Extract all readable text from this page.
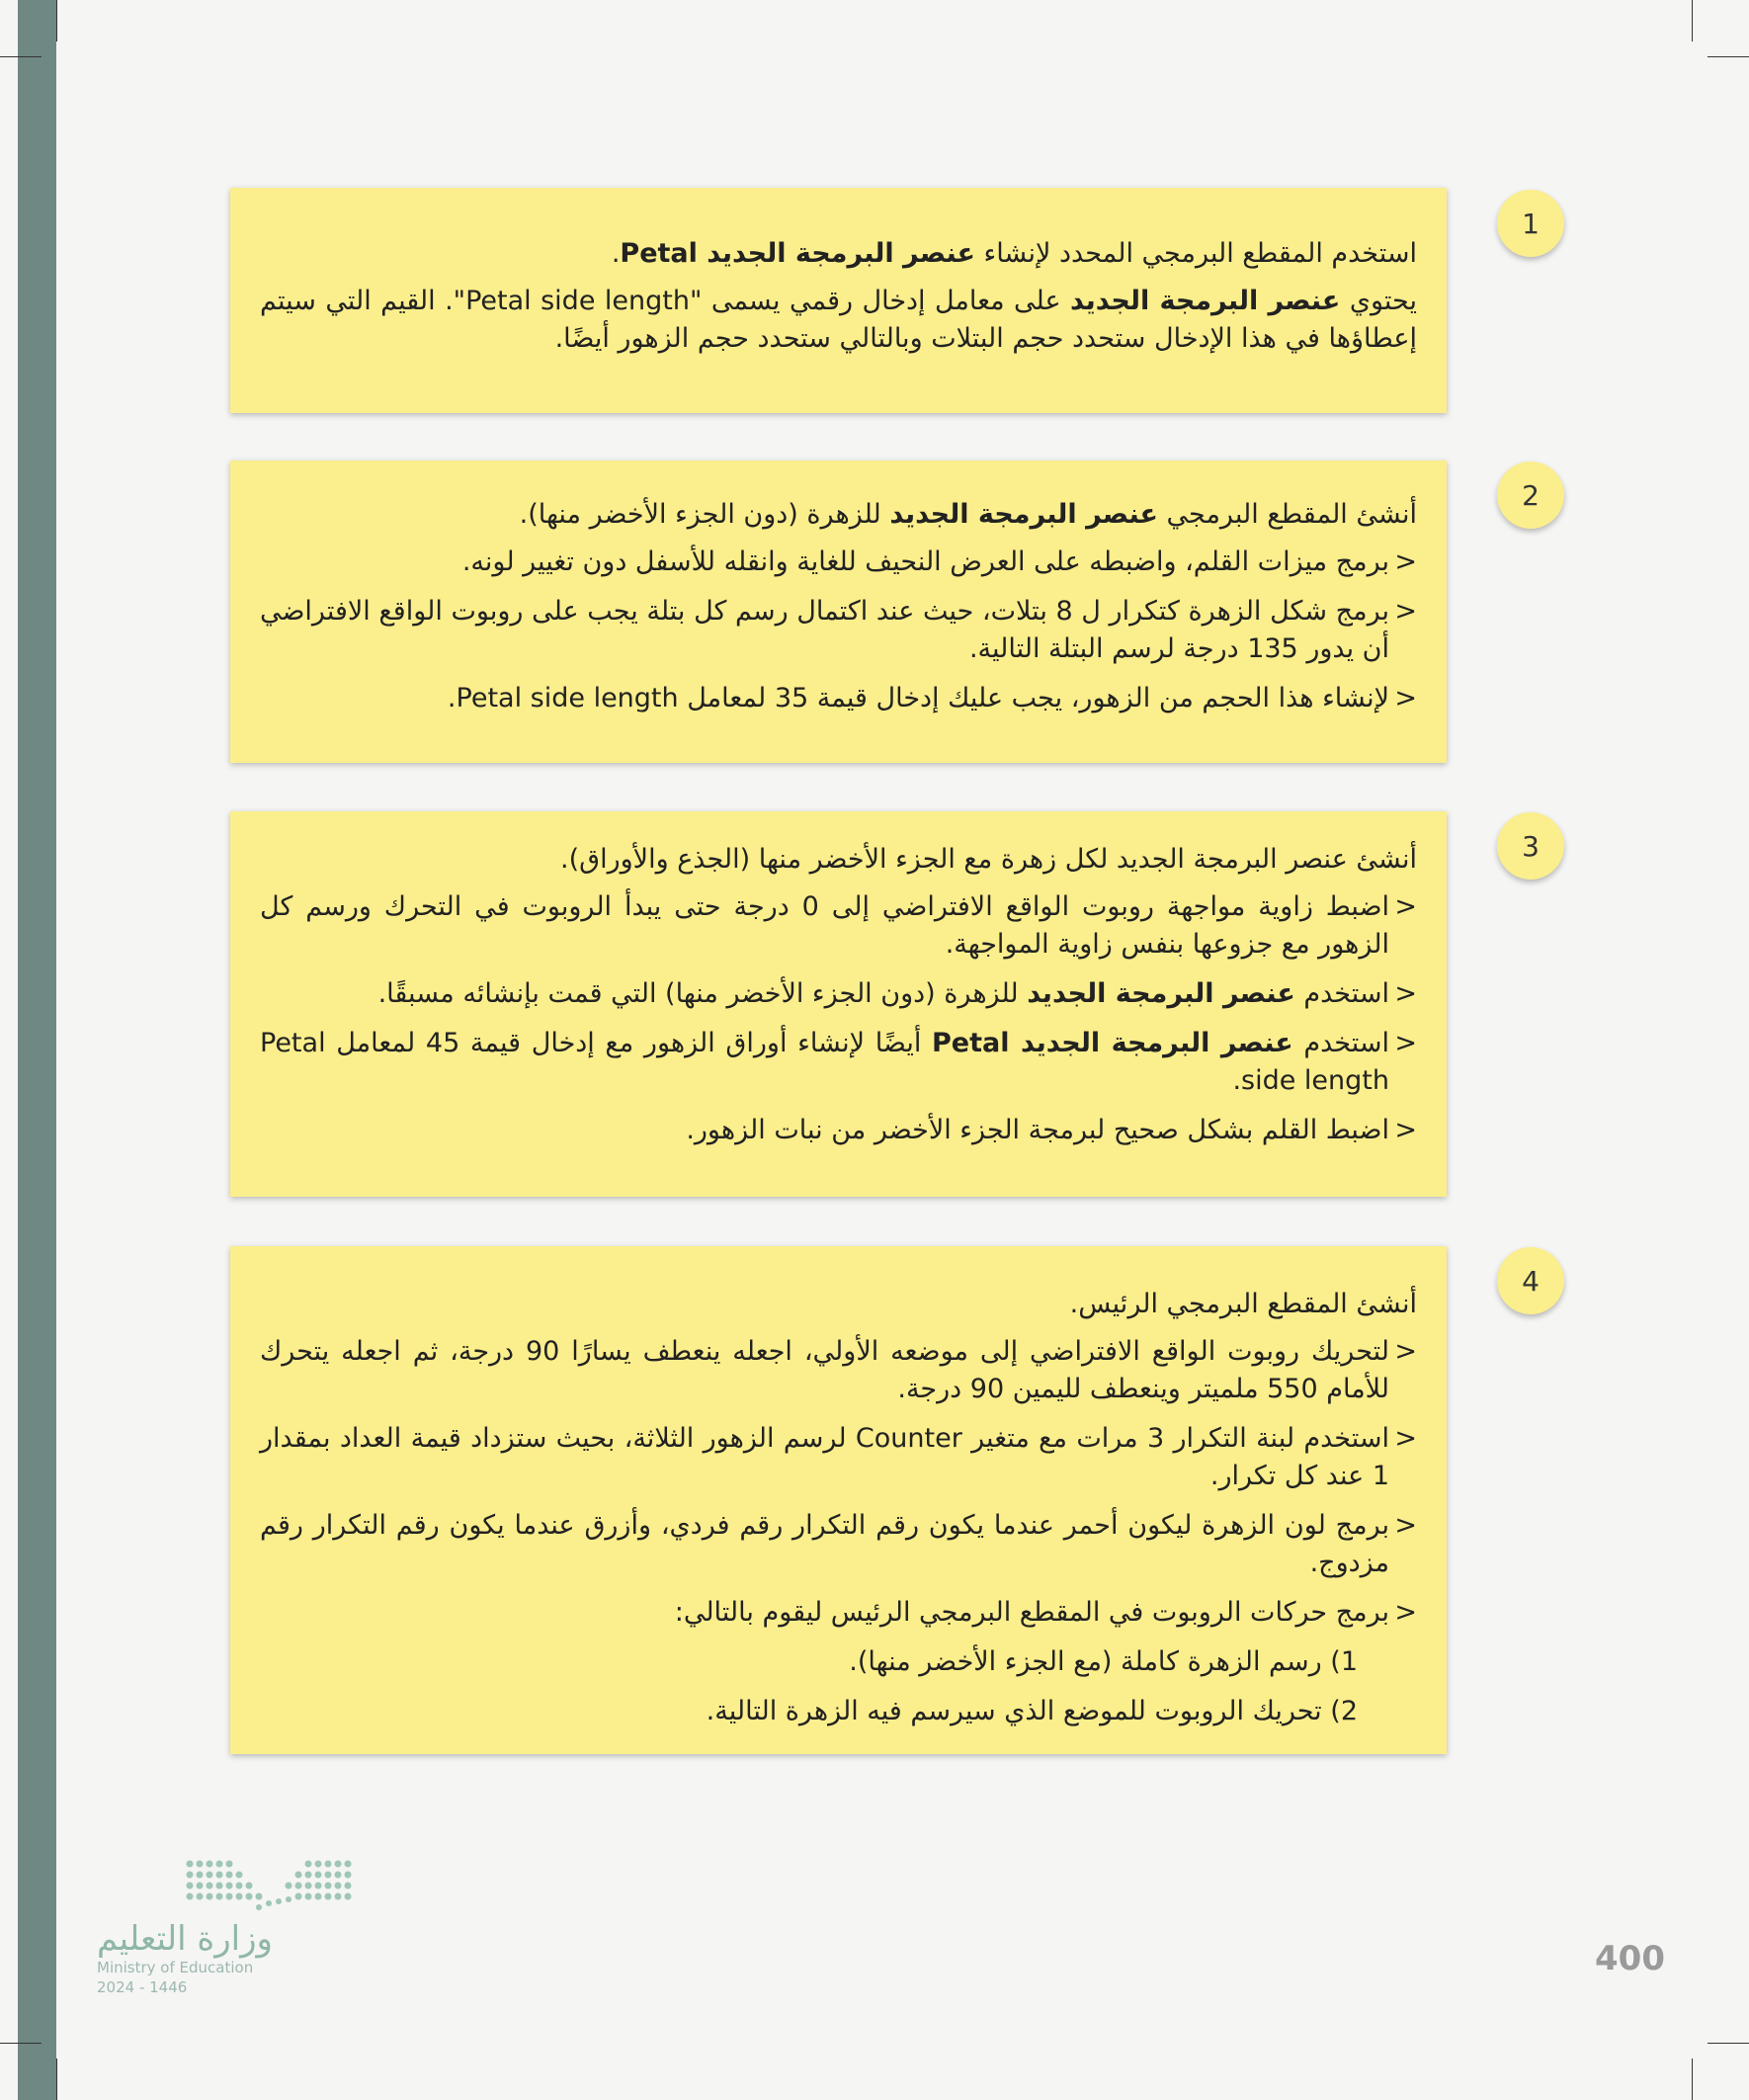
1

استخدم المقطع البرمجي المحدد لإنشاء عنصر البرمجة الجديد Petal.

يحتوي عنصر البرمجة الجديد على معامل إدخال رقمي يسمى "Petal side length". القيم التي سيتم إعطاؤها في هذا الإدخال ستحدد حجم البتلات وبالتالي ستحدد حجم الزهور أيضًا.

2

أنشئ المقطع البرمجي عنصر البرمجة الجديد للزهرة (دون الجزء الأخضر منها).

<
برمج ميزات القلم، واضبطه على العرض النحيف للغاية وانقله للأسفل دون تغيير لونه.
<
برمج شكل الزهرة كتكرار ل 8 بتلات، حيث عند اكتمال رسم كل بتلة يجب على روبوت الواقع الافتراضي أن يدور 135 درجة لرسم البتلة التالية.
<
لإنشاء هذا الحجم من الزهور، يجب عليك إدخال قيمة 35 لمعامل Petal side length.
3

أنشئ عنصر البرمجة الجديد لكل زهرة مع الجزء الأخضر منها (الجذع والأوراق).

<
اضبط زاوية مواجهة روبوت الواقع الافتراضي إلى 0 درجة حتى يبدأ الروبوت في التحرك ورسم كل الزهور مع جزوعها بنفس زاوية المواجهة.
<
استخدم عنصر البرمجة الجديد للزهرة (دون الجزء الأخضر منها) التي قمت بإنشائه مسبقًا.
<
استخدم عنصر البرمجة الجديد Petal أيضًا لإنشاء أوراق الزهور مع إدخال قيمة 45 لمعامل Petal side length.
<
اضبط القلم بشكل صحيح لبرمجة الجزء الأخضر من نبات الزهور.
4

أنشئ المقطع البرمجي الرئيس.

<
لتحريك روبوت الواقع الافتراضي إلى موضعه الأولي، اجعله ينعطف يسارًا 90 درجة، ثم اجعله يتحرك للأمام 550 ملميتر وينعطف لليمين 90 درجة.
<
استخدم لبنة التكرار 3 مرات مع متغير Counter لرسم الزهور الثلاثة، بحيث ستزداد قيمة العداد بمقدار 1 عند كل تكرار.
<
برمج لون الزهرة ليكون أحمر عندما يكون رقم التكرار رقم فردي، وأزرق عندما يكون رقم التكرار رقم مزدوج.
<
برمج حركات الروبوت في المقطع البرمجي الرئيس ليقوم بالتالي:
1) رسم الزهرة كاملة (مع الجزء الأخضر منها).
2) تحريك الروبوت للموضع الذي سيرسم فيه الزهرة التالية.

وزارة التعليم

Ministry of Education

2024 - 1446

400
